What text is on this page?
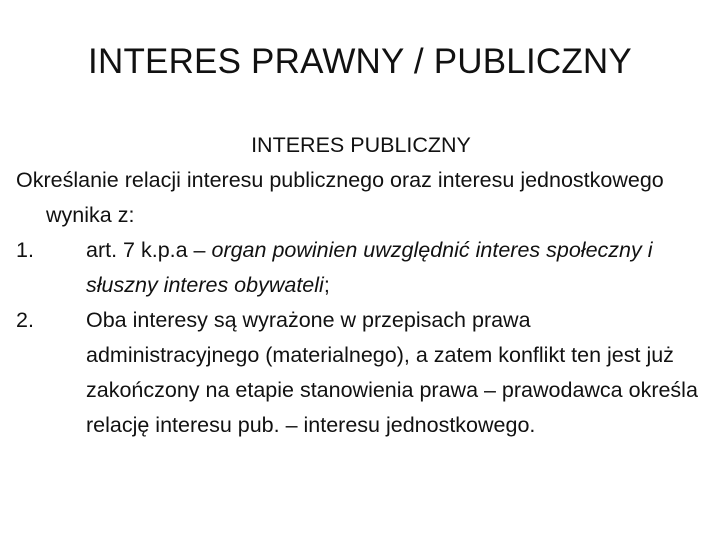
INTERES PRAWNY / PUBLICZNY

INTERES PUBLICZNY

Określanie relacji interesu publicznego oraz interesu jednostkowego wynika z:

1. art. 7 k.p.a – organ powinien uwzględnić interes społeczny i słuszny interes obywateli;
2. Oba interesy są wyrażone w przepisach prawa administracyjnego (materialnego), a zatem konflikt ten jest już zakończony na etapie stanowienia prawa – prawodawca określa relację interesu pub. – interesu jednostkowego.
